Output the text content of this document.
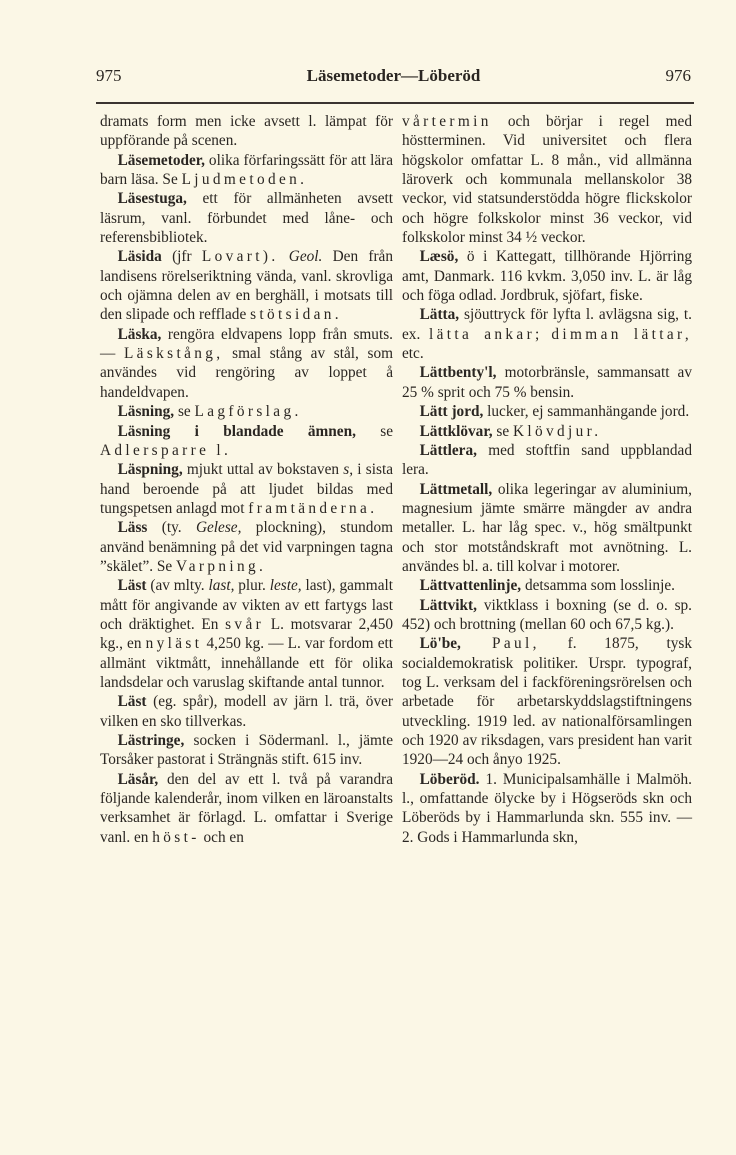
975	Läsemetoder—Löberöd	976

dramats form men icke avsett l. lämpat för uppförande på scenen.

Läsemetoder, olika förfaringssätt för att lära barn läsa. Se Ljudmetoden.

Läsestuga, ett för allmänheten avsett läsrum, vanl. förbundet med låne- och referensbibliotek.

Läsida (jfr Lovart). Geol. Den från landisens rörelseriktning vända, vanl. skrovliga och ojämna delen av en berghäll, i motsats till den slipade och refflade stötsidan.

Läska, rengöra eldvapens lopp från smuts. — Läskstång, smal stång av stål, som användes vid rengöring av loppet å handeldvapen.

Läsning, se Lagförslag.

Läsning i blandade ämnen, se Adlersparre l.

Läspning, mjukt uttal av bokstaven s, i sista hand beroende på att ljudet bildas med tungspetsen anlagd mot framtänderna.

Läss (ty. Gelese, plockning), stundom använd benämning på det vid varpningen tagna ”skälet”. Se Varpning.

Läst (av mlty. last, plur. leste, last), gammalt mått för angivande av vikten av ett fartygs last och dräktighet. En svår L. motsvarar 2,450 kg., en nyläst 4,250 kg. — L. var fordom ett allmänt viktmått, innehållande ett för olika landsdelar och varuslag skiftande antal tunnor.

Läst (eg. spår), modell av järn l. trä, över vilken en sko tillverkas.

Lästringe, socken i Södermanl. l., jämte Torsåker pastorat i Strängnäs stift. 615 inv.

Läsår, den del av ett l. två på varandra följande kalenderår, inom vilken en läroanstalts verksamhet är förlagd. L. omfattar i Sverige vanl. en höst- och en

vårtermin och börjar i regel med höstterminen. Vid universitet och flera högskolor omfattar L. 8 mån., vid allmänna läroverk och kommunala mellanskolor 38 veckor, vid statsunderstödda högre flickskolor och högre folkskolor minst 36 veckor, vid folkskolor minst 34 ½ veckor.

Læsö, ö i Kattegatt, tillhörande Hjörring amt, Danmark. 116 kvkm. 3,050 inv. L. är låg och föga odlad. Jordbruk, sjöfart, fiske.

Lätta, sjöuttryck för lyfta l. avlägsna sig, t. ex. lätta ankar; dimman lättar, etc.

Lättbenty'l, motorbränsle, sammansatt av 25 % sprit och 75 % bensin.

Lätt jord, lucker, ej sammanhängande jord.

Lättklövar, se Klövdjur.

Lättlera, med stoftfin sand uppblandad lera.

Lättmetall, olika legeringar av aluminium, magnesium jämte smärre mängder av andra metaller. L. har låg spec. v., hög smältpunkt och stor motståndskraft mot avnötning. L. användes bl. a. till kolvar i motorer.

Lättvattenlinje, detsamma som losslinje.

Lättvikt, viktklass i boxning (se d. o. sp. 452) och brottning (mellan 60 och 67,5 kg.).

Lö'be, Paul, f. 1875, tysk socialdemokratisk politiker. Urspr. typograf, tog L. verksam del i fackföreningsrörelsen och arbetade för arbetarskyddslagstiftningens utveckling. 1919 led. av nationalförsamlingen och 1920 av riksdagen, vars president han varit 1920—24 och ånyo 1925.

Löberöd. 1. Municipalsamhälle i Malmöh. l., omfattande ölycke by i Högseröds skn och Löberöds by i Hammarlunda skn. 555 inv. — 2. Gods i Hammarlunda skn,
